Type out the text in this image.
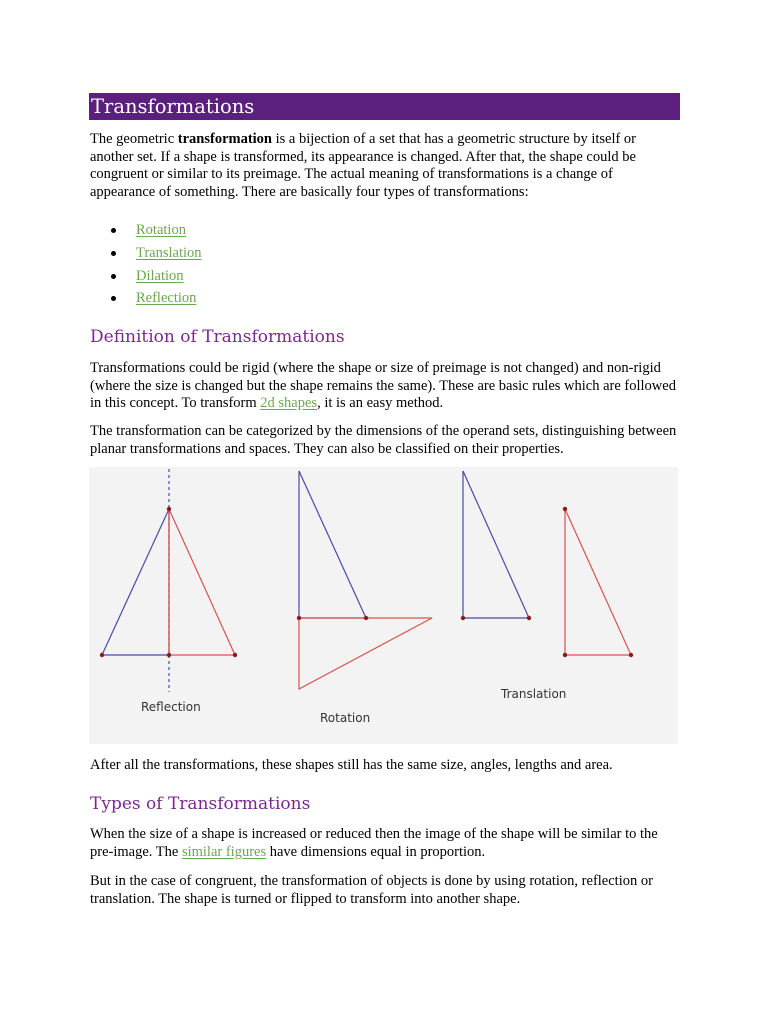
Transformations

The geometric transformation is a bijection of a set that has a geometric structure by itself or another set. If a shape is transformed, its appearance is changed. After that, the shape could be congruent or similar to its preimage. The actual meaning of transformations is a change of appearance of something. There are basically four types of transformations:

Rotation
Translation
Dilation
Reflection
Definition of Transformations

Transformations could be rigid (where the shape or size of preimage is not changed) and non-rigid (where the size is changed but the shape remains the same). These are basic rules which are followed in this concept. To transform 2d shapes, it is an easy method.

The transformation can be categorized by the dimensions of the operand sets, distinguishing between planar transformations and spaces. They can also be classified on their properties.

Reflection
Rotation
Translation

After all the transformations, these shapes still has the same size, angles, lengths and area.

Types of Transformations

When the size of a shape is increased or reduced then the image of the shape will be similar to the pre-image. The similar figures have dimensions equal in proportion.

But in the case of congruent, the transformation of objects is done by using rotation, reflection or translation. The shape is turned or flipped to transform into another shape.
